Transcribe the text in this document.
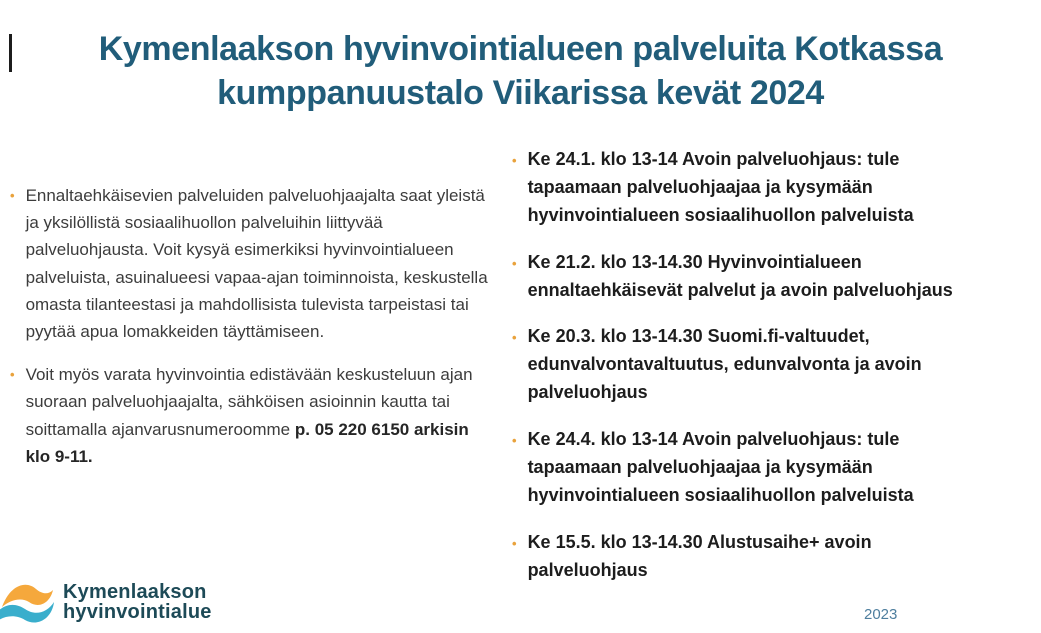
Kymenlaakson hyvinvointialueen palveluita Kotkassa
kumppanuustalo Viikarissa kevät 2024
• Ennaltaehkäisevien palveluiden palveluohjaajalta saat yleistä ja yksilöllistä sosiaalihuollon palveluihin liittyvää palveluohjausta. Voit kysyä esimerkiksi hyvinvointialueen palveluista, asuinalueesi vapaa-ajan toiminnoista, keskustella omasta tilanteestasi ja mahdollisista tulevista tarpeistasi tai pyytää apua lomakkeiden täyttämiseen.
• Voit myös varata hyvinvointia edistävään keskusteluun ajan suoraan palveluohjaajalta, sähköisen asioinnin kautta tai soittamalla ajanvarusnumeroomme p. 05 220 6150 arkisin klo 9-11.
• Ke 24.1. klo 13-14 Avoin palveluohjaus: tule tapaamaan palveluohjaajaa ja kysymään hyvinvointialueen sosiaalihuollon palveluista
• Ke 21.2. klo 13-14.30 Hyvinvointialueen ennaltaehkäisevät palvelut ja avoin palveluohjaus
• Ke 20.3. klo 13-14.30 Suomi.fi-valtuudet, edunvalvontavaltuutus, edunvalvonta ja avoin palveluohjaus
• Ke 24.4. klo 13-14 Avoin palveluohjaus: tule tapaamaan palveluohjaajaa ja kysymään hyvinvointialueen sosiaalihuollon palveluista
• Ke 15.5. klo 13-14.30 Alustusaihe+ avoin palveluohjaus
Kymenlaakson
hyvinvointialue	2023
